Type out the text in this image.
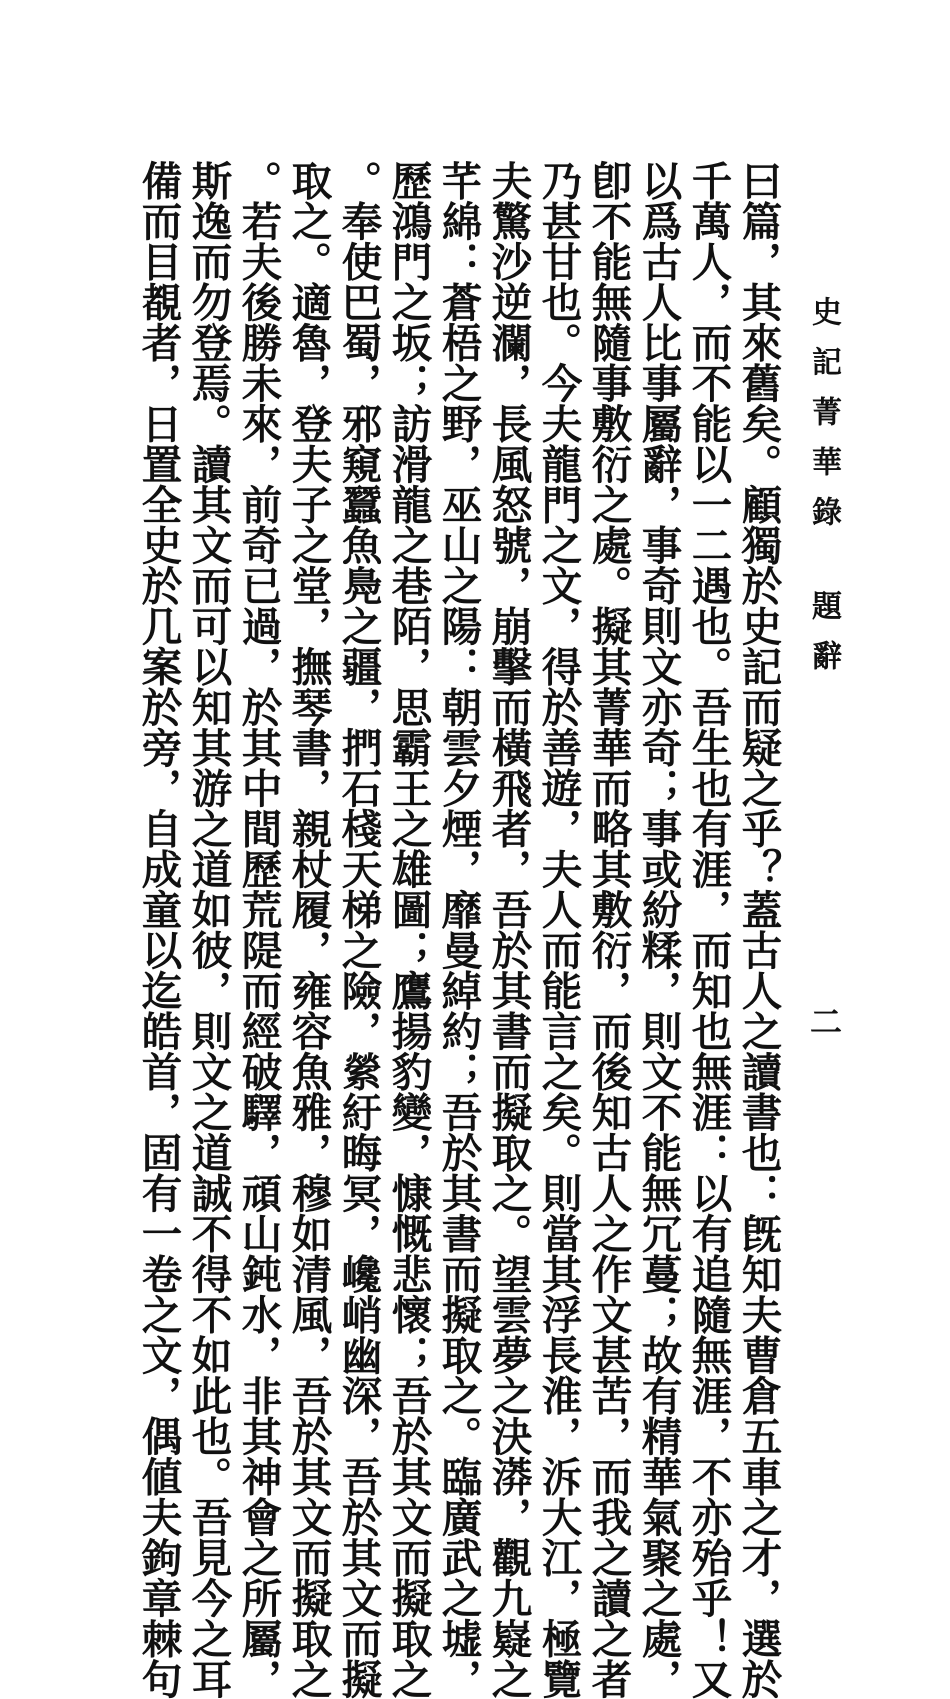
史記菁華錄題辭
二
曰篇，其來舊矣。顧獨於史記而疑之乎？蓋古人之讀書也：旣知夫曹倉五車之才，選於
千萬人，而不能以一二遇也。吾生也有涯，而知也無涯：以有追隨無涯，不亦殆乎！又
以爲古人比事屬辭，事奇則文亦奇；事或紛糅，則文不能無冗蔓；故有精華氣聚之處，
卽不能無隨事敷衍之處。擬其菁華而略其敷衍，而後知古人之作文甚苦，而我之讀之者
乃甚甘也。今夫龍門之文，得於善遊，夫人而能言之矣。則當其浮長淮，泝大江，極覽
夫驚沙逆瀾，長風怒號，崩擊而橫飛者，吾於其書而擬取之。望雲夢之決漭，觀九嶷之
芊綿：蒼梧之野，巫山之陽：朝雲夕煙，靡曼綽約；吾於其書而擬取之。臨廣武之墟，
歷鴻門之坂；訪滑龍之巷陌，思霸王之雄圖；鷹揚豹變，慷慨悲懷；吾於其文而擬取之
。奉使巴蜀，邪窺蠶魚鳧之疆，捫石棧天梯之險，縈紆晦冥，巉峭幽深，吾於其文而擬
取之。適魯，登夫子之堂，撫琴書，親杖履，雍容魚雅，穆如清風，吾於其文而擬取之
。若夫後勝未來，前奇已過，於其中間歷荒隄而經破驛，頑山鈍水，非其神會之所屬，
斯逸而勿登焉。讀其文而可以知其游之道如彼，則文之道誠不得不如此也。吾見今之耳
備而目覩者，日置全史於几案於旁，自成童以迄皓首，固有一卷之文，偶値夫鉤章棘句
